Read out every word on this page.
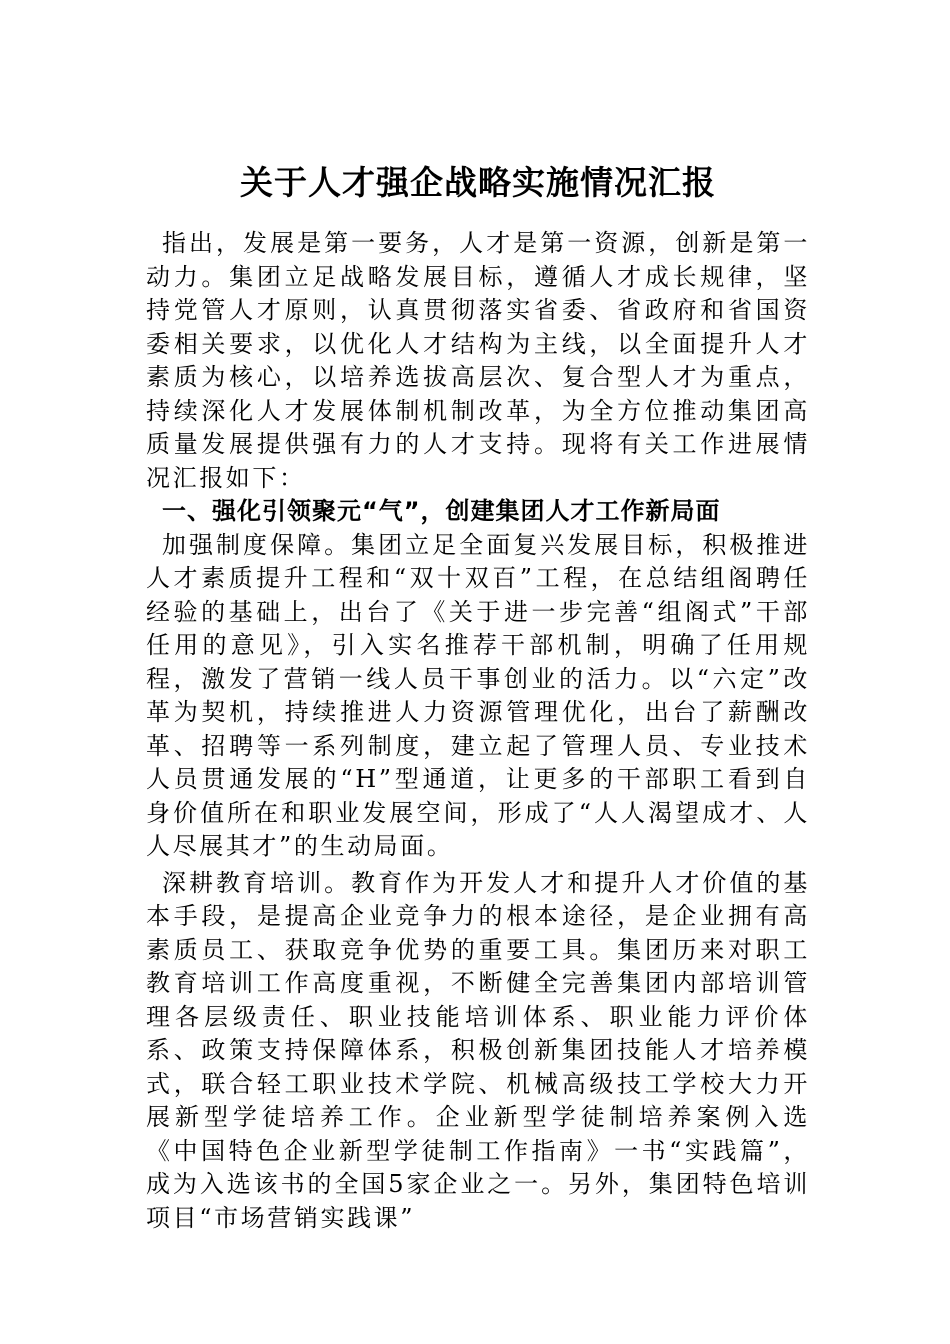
关于人才强企战略实施情况汇报

指出，发展是第一要务，人才是第一资源，创新是第一动力。集团立足战略发展目标，遵循人才成长规律，坚持党管人才原则，认真贯彻落实省委、省政府和省国资委相关要求，以优化人才结构为主线，以全面提升人才素质为核心，以培养选拔高层次、复合型人才为重点，持续深化人才发展体制机制改革，为全方位推动集团高质量发展提供强有力的人才支持。现将有关工作进展情况汇报如下：

一、强化引领聚元“气”，创建集团人才工作新局面

加强制度保障。集团立足全面复兴发展目标，积极推进人才素质提升工程和“双十双百”工程，在总结组阁聘任经验的基础上，出台了《关于进一步完善“组阁式”干部任用的意见》，引入实名推荐干部机制，明确了任用规程，激发了营销一线人员干事创业的活力。以“六定”改革为契机，持续推进人力资源管理优化，出台了薪酬改革、招聘等一系列制度，建立起了管理人员、专业技术人员贯通发展的“H”型通道，让更多的干部职工看到自身价值所在和职业发展空间，形成了“人人渴望成才、人人尽展其才”的生动局面。

深耕教育培训。教育作为开发人才和提升人才价值的基本手段，是提高企业竞争力的根本途径，是企业拥有高素质员工、获取竞争优势的重要工具。集团历来对职工教育培训工作高度重视，不断健全完善集团内部培训管理各层级责任、职业技能培训体系、职业能力评价体系、政策支持保障体系，积极创新集团技能人才培养模式，联合轻工职业技术学院、机械高级技工学校大力开展新型学徒培养工作。企业新型学徒制培养案例入选《中国特色企业新型学徒制工作指南》一书“实践篇”，成为入选该书的全国5家企业之一。另外，集团特色培训项目“市场营销实践课”
